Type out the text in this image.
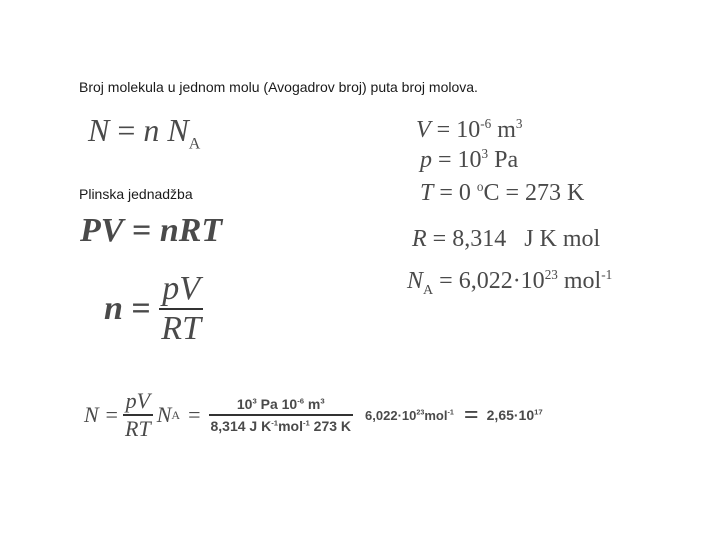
Broj molekula u jednom molu (Avogadrov broj) puta broj molova.
Plinska jednadžba
N = n $N_A$
PV = nRT
$n = \frac{pV}{RT}$
$V = 10^{-6}$ $m^3$
$p = 10^3$ Pa
T = 0 $^o$C = 273 K
R = 8,314 J K mol
$N_A = 6,022\cdot 10^{23}$ mol$^{-1}$
$N = \frac{pV}{RT}$ N $A = \frac{10^3 Pa 10^{-6} m^3}{8,314 J K^{-1}mol^{-1} 273 K} 6,022\cdot 10^{23}mol^{-1} = 2,65\cdot 10^{17}$
